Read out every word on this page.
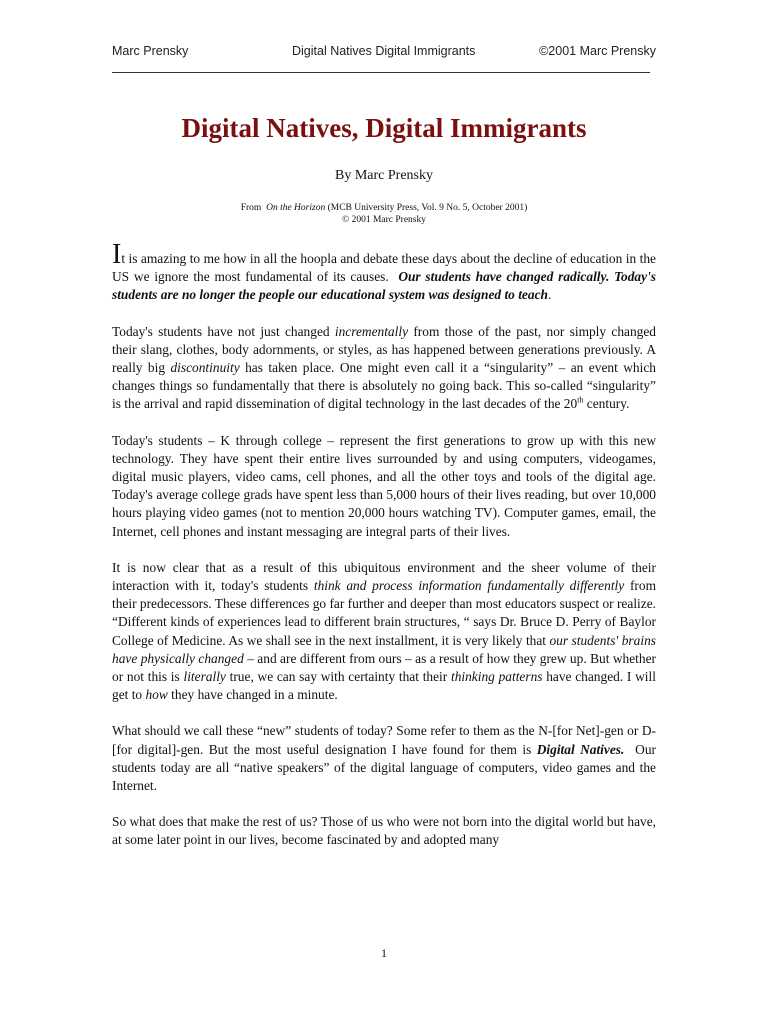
Marc Prensky	Digital Natives Digital Immigrants	©2001 Marc Prensky
Digital Natives, Digital Immigrants
By Marc Prensky
From On the Horizon (MCB University Press, Vol. 9 No. 5, October 2001)
© 2001 Marc Prensky

It is amazing to me how in all the hoopla and debate these days about the decline of education in the US we ignore the most fundamental of its causes. Our students have changed radically. Today's students are no longer the people our educational system was designed to teach.

Today's students have not just changed incrementally from those of the past, nor simply changed their slang, clothes, body adornments, or styles, as has happened between generations previously. A really big discontinuity has taken place. One might even call it a “singularity” – an event which changes things so fundamentally that there is absolutely no going back. This so-called “singularity” is the arrival and rapid dissemination of digital technology in the last decades of the 20th century.

Today's students – K through college – represent the first generations to grow up with this new technology. They have spent their entire lives surrounded by and using computers, videogames, digital music players, video cams, cell phones, and all the other toys and tools of the digital age. Today's average college grads have spent less than 5,000 hours of their lives reading, but over 10,000 hours playing video games (not to mention 20,000 hours watching TV). Computer games, email, the Internet, cell phones and instant messaging are integral parts of their lives.

It is now clear that as a result of this ubiquitous environment and the sheer volume of their interaction with it, today's students think and process information fundamentally differently from their predecessors. These differences go far further and deeper than most educators suspect or realize. “Different kinds of experiences lead to different brain structures, “ says Dr. Bruce D. Perry of Baylor College of Medicine. As we shall see in the next installment, it is very likely that our students' brains have physically changed – and are different from ours – as a result of how they grew up. But whether or not this is literally true, we can say with certainty that their thinking patterns have changed. I will get to how they have changed in a minute.

What should we call these “new” students of today? Some refer to them as the N-[for Net]-gen or D-[for digital]-gen. But the most useful designation I have found for them is Digital Natives. Our students today are all “native speakers” of the digital language of computers, video games and the Internet.

So what does that make the rest of us? Those of us who were not born into the digital world but have, at some later point in our lives, become fascinated by and adopted many

1
